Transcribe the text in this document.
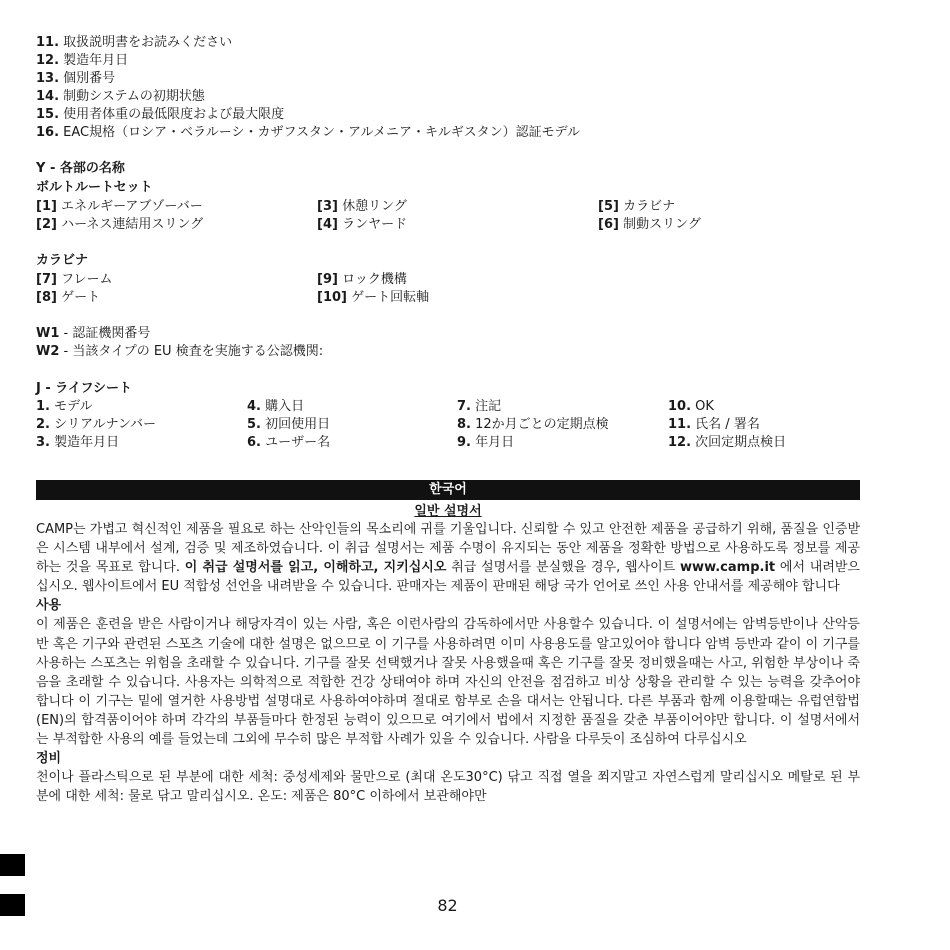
11. 取扱説明書をお読みください
12. 製造年月日
13. 個別番号
14. 制動システムの初期状態
15. 使用者体重の最低限度および最大限度
16. EAC規格（ロシア・ベラルーシ・カザフスタン・アルメニア・キルギスタン）認証モデル
Y - 各部の名称
ボルトルートセット
[1] エネルギーアブゾーバー	[3] 休憩リング	[5] カラビナ
[2] ハーネス連結用スリング	[4] ランヤード	[6] 制動スリング
カラビナ
[7] フレーム	[9] ロック機構
[8] ゲート	[10] ゲート回転軸
W1 - 認証機関番号
W2 - 当該タイプの EU 検査を実施する公認機関:
J - ライフシート
1. モデル	4. 購入日	7. 注記	10. OK
2. シリアルナンバー	5. 初回使用日	8. 12か月ごとの定期点検	11. 氏名 / 署名
3. 製造年月日	6. ユーザー名	9. 年月日	12. 次回定期点検日
한국어
일반 설명서

CAMP는 가볍고 혁신적인 제품을 필요로 하는 산악인들의 목소리에 귀를 기울입니다. 신뢰할 수 있고 안전한 제품을 공급하기 위해, 품질을 인증받은 시스템 내부에서 설계, 검증 및 제조하였습니다. 이 취급 설명서는 제품 수명이 유지되는 동안 제품을 정확한 방법으로 사용하도록 정보를 제공하는 것을 목표로 합니다. 이 취급 설명서를 읽고, 이해하고, 지키십시오 취급 설명서를 분실했을 경우, 웹사이트 www.camp.it 에서 내려받으십시오. 웹사이트에서 EU 적합성 선언을 내려받을 수 있습니다. 판매자는 제품이 판매된 해당 국가 언어로 쓰인 사용 안내서를 제공해야 합니다

사용

이 제품은 훈련을 받은 사람이거나 해당자격이 있는 사람, 혹은 이런사람의 감독하에서만 사용할수 있습니다. 이 설명서에는 암벽등반이나 산악등반 혹은 기구와 관련된 스포츠 기술에 대한 설명은 없으므로 이 기구를 사용하려면 이미 사용용도를 알고있어야 합니다 암벽 등반과 같이 이 기구를 사용하는 스포츠는 위험을 초래할 수 있습니다. 기구를 잘못 선택했거나 잘못 사용했을때 혹은 기구를 잘못 정비했을때는 사고, 위험한 부상이나 죽음을 초래할 수 있습니다. 사용자는 의학적으로 적합한 건강 상태여야 하며 자신의 안전을 점검하고 비상 상황을 관리할 수 있는 능력을 갖추어야 합니다 이 기구는 밑에 열거한 사용방법 설명대로 사용하여야하며 절대로 함부로 손을 대서는 안됩니다. 다른 부품과 함께 이용할때는 유럽연합법 (EN)의 합격품이어야 하며 각각의 부품들마다 한정된 능력이 있으므로 여기에서 법에서 지정한 품질을 갖춘 부품이어야만 합니다. 이 설명서에서는 부적합한 사용의 예를 들었는데 그외에 무수히 많은 부적합 사례가 있을 수 있습니다. 사람을 다루듯이 조심하여 다루십시오

정비

천이나 플라스틱으로 된 부분에 대한 세척: 중성세제와 물만으로 (최대 온도30°C) 닦고 직접 열을 쬐지말고 자연스럽게 말리십시오 메탈로 된 부분에 대한 세척: 물로 닦고 말리십시오. 온도: 제품은 80°C 이하에서 보관해야만

82
